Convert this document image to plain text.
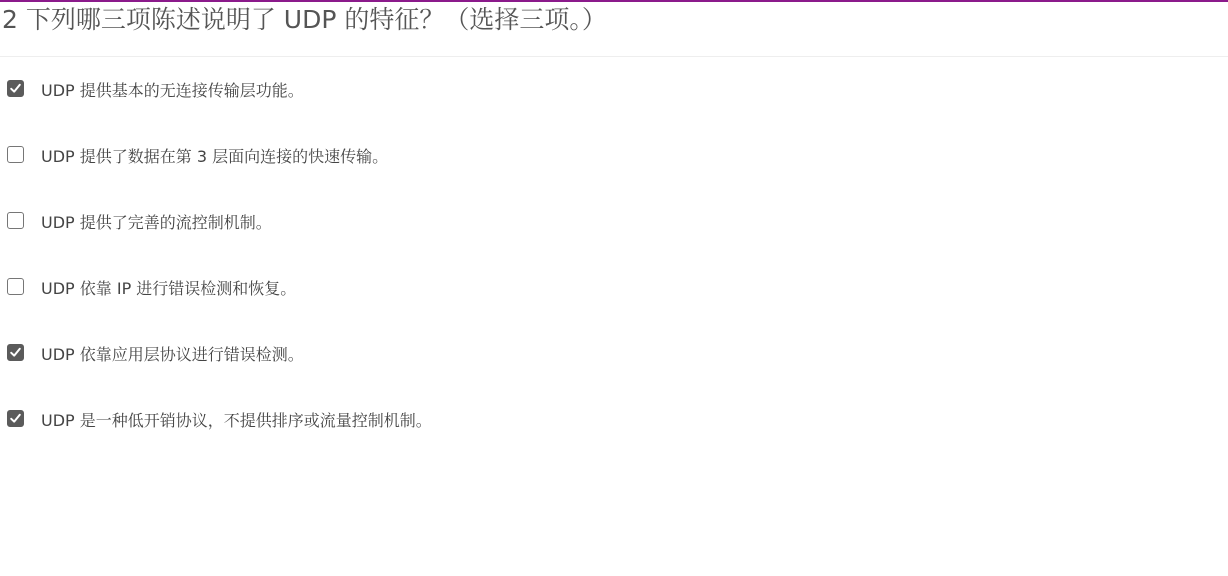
2 下列哪三项陈述说明了 UDP 的特征？（选择三项。）
UDP 提供基本的无连接传输层功能。
UDP 提供了数据在第 3 层面向连接的快速传输。
UDP 提供了完善的流控制机制。
UDP 依靠 IP 进行错误检测和恢复。
UDP 依靠应用层协议进行错误检测。
UDP 是一种低开销协议，不提供排序或流量控制机制。
